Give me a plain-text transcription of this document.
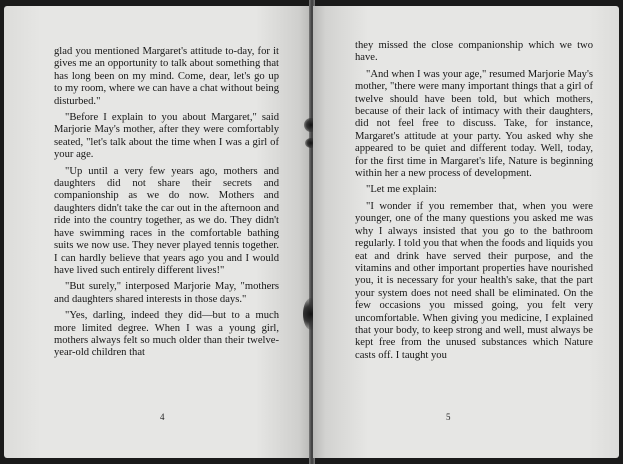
glad you mentioned Margaret's attitude to-day, for it gives me an opportunity to talk about something that has long been on my mind. Come, dear, let's go up to my room, where we can have a chat without being disturbed."

"Before I explain to you about Margaret," said Marjorie May's mother, after they were comfortably seated, "let's talk about the time when I was a girl of your age.

"Up until a very few years ago, mothers and daughters did not share their secrets and companionship as we do now. Mothers and daughters didn't take the car out in the afternoon and ride into the country together, as we do. They didn't have swimming races in the comfortable bathing suits we now use. They never played tennis together. I can hardly believe that years ago you and I would have lived such entirely different lives!"

"But surely," interposed Marjorie May, "mothers and daughters shared interests in those days."

"Yes, darling, indeed they did—but to a much more limited degree. When I was a young girl, mothers always felt so much older than their twelve-year-old children that

4

they missed the close companionship which we two have.

"And when I was your age," resumed Marjorie May's mother, "there were many important things that a girl of twelve should have been told, but which mothers, because of their lack of intimacy with their daughters, did not feel free to discuss. Take, for instance, Margaret's attitude at your party. You asked why she appeared to be quiet and different today. Well, today, for the first time in Margaret's life, Nature is beginning within her a new process of development.

"Let me explain:

"I wonder if you remember that, when you were younger, one of the many questions you asked me was why I always insisted that you go to the bathroom regularly. I told you that when the foods and liquids you eat and drink have served their purpose, and the vitamins and other important properties have nourished you, it is necessary for your health's sake, that the part your system does not need shall be eliminated. On the few occasions you missed going, you felt very uncomfortable. When giving you medicine, I explained that your body, to keep strong and well, must always be kept free from the unused substances which Nature casts off. I taught you

5
